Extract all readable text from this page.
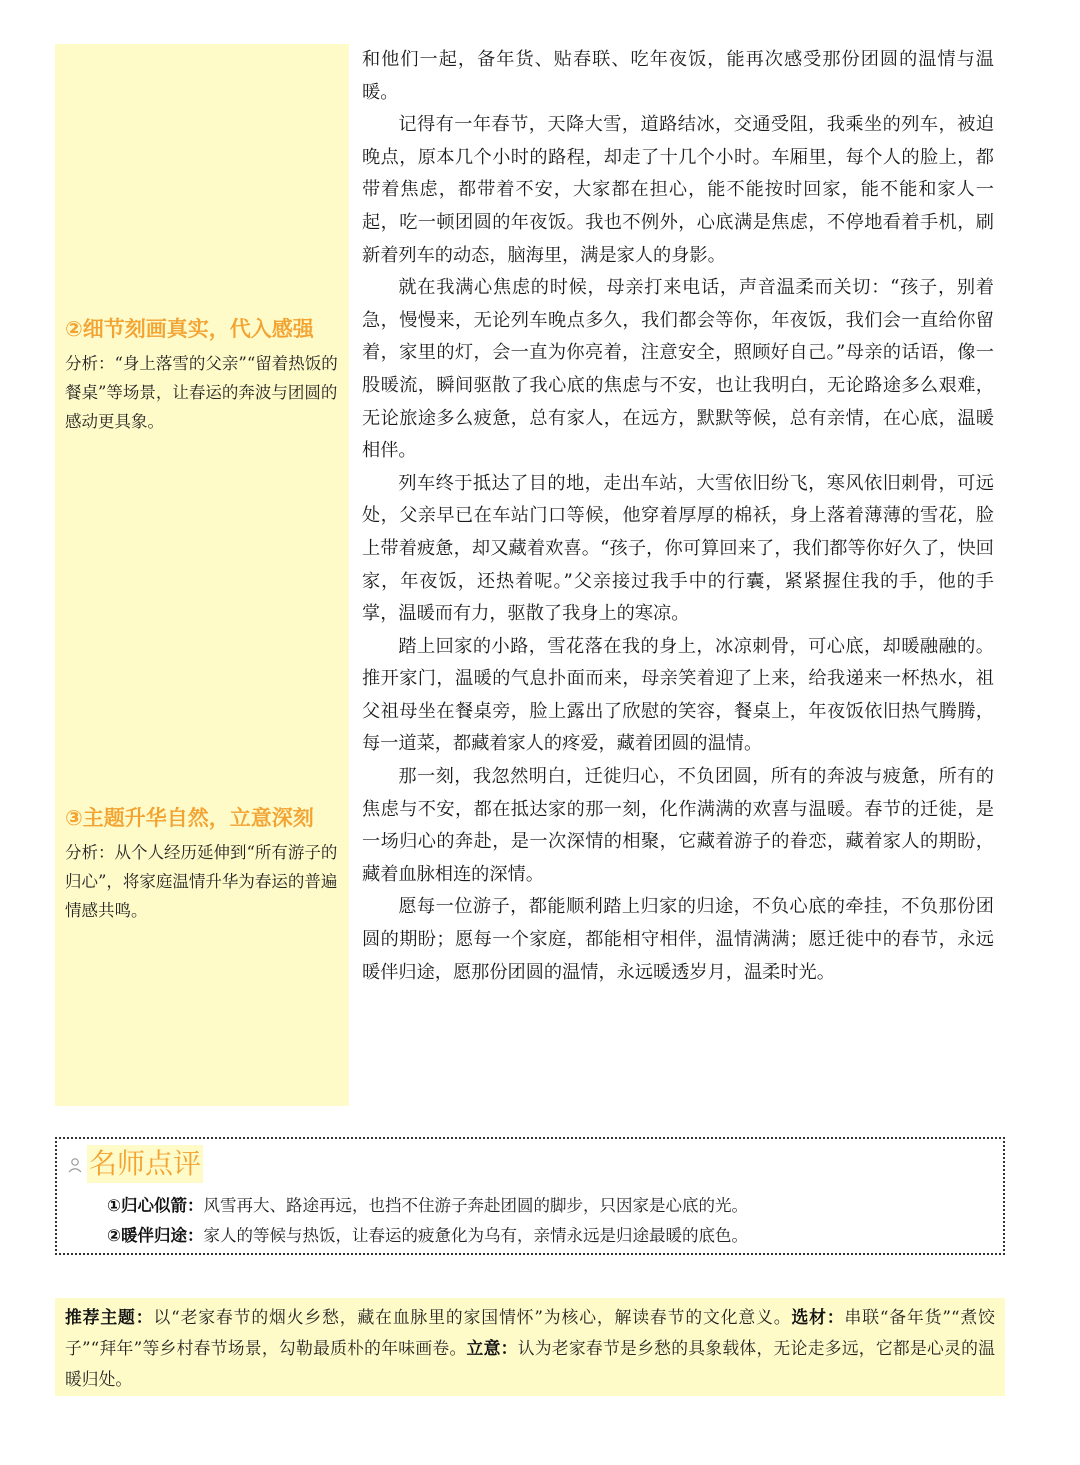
②细节刻画真实，代入感强

分析：“身上落雪的父亲”“留着热饭的餐桌”等场景，让春运的奔波与团圆的感动更具象。

③主题升华自然，立意深刻

分析：从个人经历延伸到“所有游子的归心”，将家庭温情升华为春运的普遍情感共鸣。

和他们一起，备年货、贴春联、吃年夜饭，能再次感受那份团圆的温情与温暖。

记得有一年春节，天降大雪，道路结冰，交通受阻，我乘坐的列车，被迫晚点，原本几个小时的路程，却走了十几个小时。车厢里，每个人的脸上，都带着焦虑，都带着不安，大家都在担心，能不能按时回家，能不能和家人一起，吃一顿团圆的年夜饭。我也不例外，心底满是焦虑，不停地看着手机，刷新着列车的动态，脑海里，满是家人的身影。

就在我满心焦虑的时候，母亲打来电话，声音温柔而关切：“孩子，别着急，慢慢来，无论列车晚点多久，我们都会等你，年夜饭，我们会一直给你留着，家里的灯，会一直为你亮着，注意安全，照顾好自己。”母亲的话语，像一股暖流，瞬间驱散了我心底的焦虑与不安，也让我明白，无论路途多么艰难，无论旅途多么疲惫，总有家人，在远方，默默等候，总有亲情，在心底，温暖相伴。

列车终于抵达了目的地，走出车站，大雪依旧纷飞，寒风依旧刺骨，可远处，父亲早已在车站门口等候，他穿着厚厚的棉袄，身上落着薄薄的雪花，脸上带着疲惫，却又藏着欢喜。“孩子，你可算回来了，我们都等你好久了，快回家，年夜饭，还热着呢。”父亲接过我手中的行囊，紧紧握住我的手，他的手掌，温暖而有力，驱散了我身上的寒凉。

踏上回家的小路，雪花落在我的身上，冰凉刺骨，可心底，却暖融融的。推开家门，温暖的气息扑面而来，母亲笑着迎了上来，给我递来一杯热水，祖父祖母坐在餐桌旁，脸上露出了欣慰的笑容，餐桌上，年夜饭依旧热气腾腾，每一道菜，都藏着家人的疼爱，藏着团圆的温情。

那一刻，我忽然明白，迁徙归心，不负团圆，所有的奔波与疲惫，所有的焦虑与不安，都在抵达家的那一刻，化作满满的欢喜与温暖。春节的迁徙，是一场归心的奔赴，是一次深情的相聚，它藏着游子的眷恋，藏着家人的期盼，藏着血脉相连的深情。

愿每一位游子，都能顺利踏上归家的归途，不负心底的牵挂，不负那份团圆的期盼；愿每一个家庭，都能相守相伴，温情满满；愿迁徙中的春节，永远暖伴归途，愿那份团圆的温情，永远暖透岁月，温柔时光。

名师点评
①归心似箭：风雪再大、路途再远，也挡不住游子奔赴团圆的脚步，只因家是心底的光。
②暖伴归途：家人的等候与热饭，让春运的疲惫化为乌有，亲情永远是归途最暖的底色。
推荐主题：以“老家春节的烟火乡愁，藏在血脉里的家国情怀”为核心，解读春节的文化意义。选材：串联“备年货”“煮饺子”“拜年”等乡村春节场景，勾勒最质朴的年味画卷。立意：认为老家春节是乡愁的具象载体，无论走多远，它都是心灵的温暖归处。
